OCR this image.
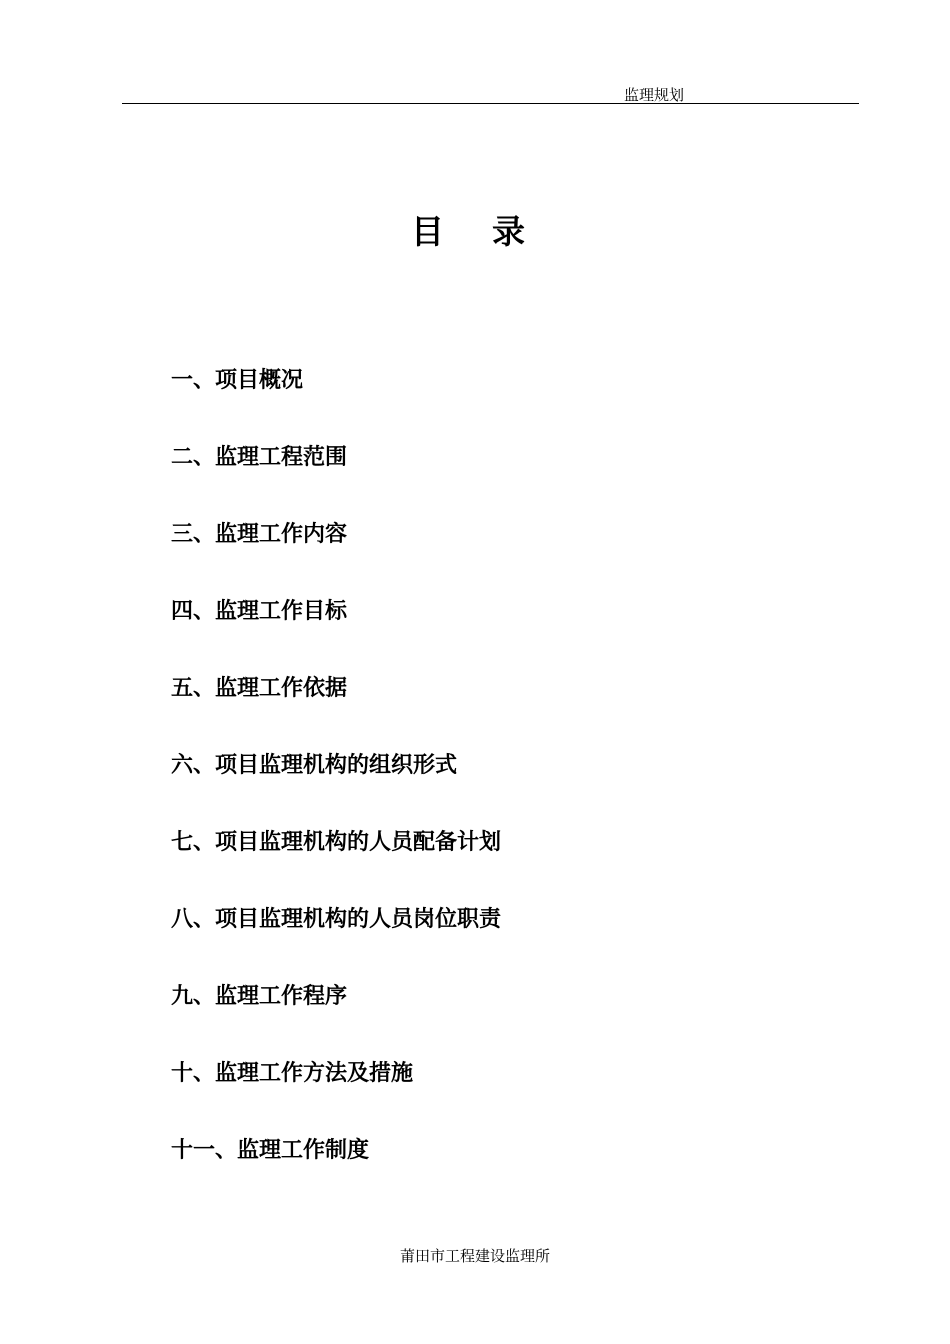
监理规划
目录
一、项目概况
二、监理工程范围
三、监理工作内容
四、监理工作目标
五、监理工作依据
六、项目监理机构的组织形式
七、项目监理机构的人员配备计划
八、项目监理机构的人员岗位职责
九、监理工作程序
十、监理工作方法及措施
十一、监理工作制度
莆田市工程建设监理所
